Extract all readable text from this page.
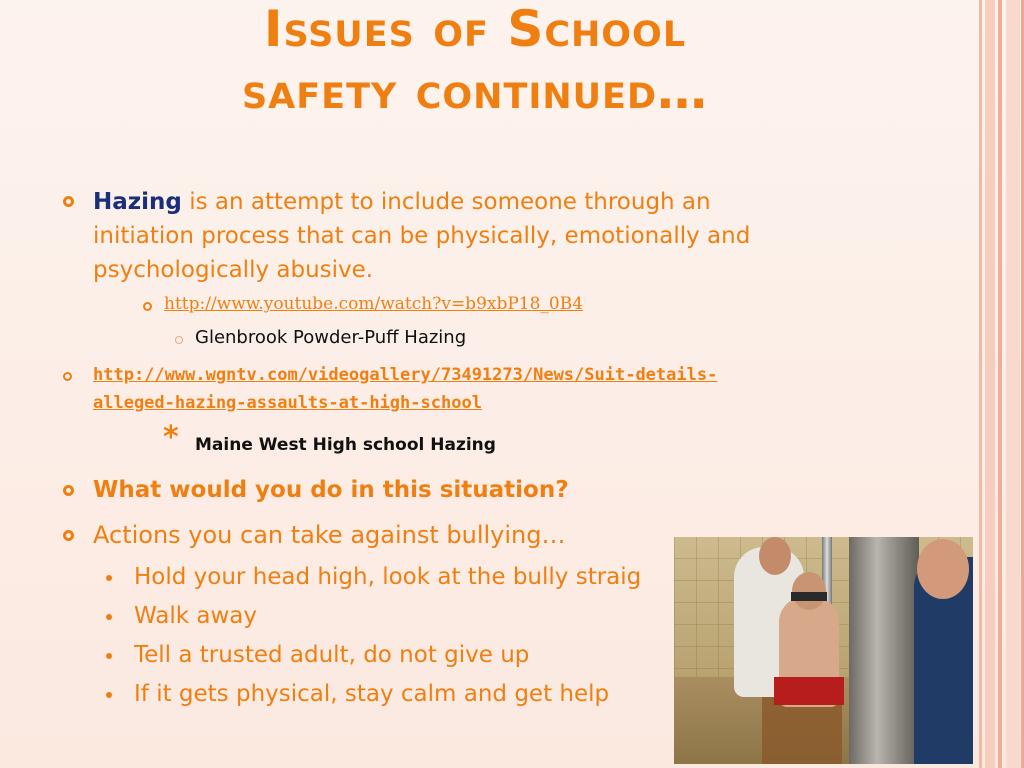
Issues of School
safety continued…
Hazing is an attempt to include someone through an
initiation process that can be physically, emotionally and
psychologically abusive.
http://www.youtube.com/watch?v=b9xbP18_0B4
Glenbrook Powder-Puff Hazing
http://www.wgntv.com/videogallery/73491273/News/Suit-details-
alleged-hazing-assaults-at-high-school
* Maine West High school Hazing
What would you do in this situation?
Actions you can take against bullying…
Hold your head high, look at the bully straig
Walk away
Tell a trusted adult, do not give up
If it gets physical, stay calm and get help
